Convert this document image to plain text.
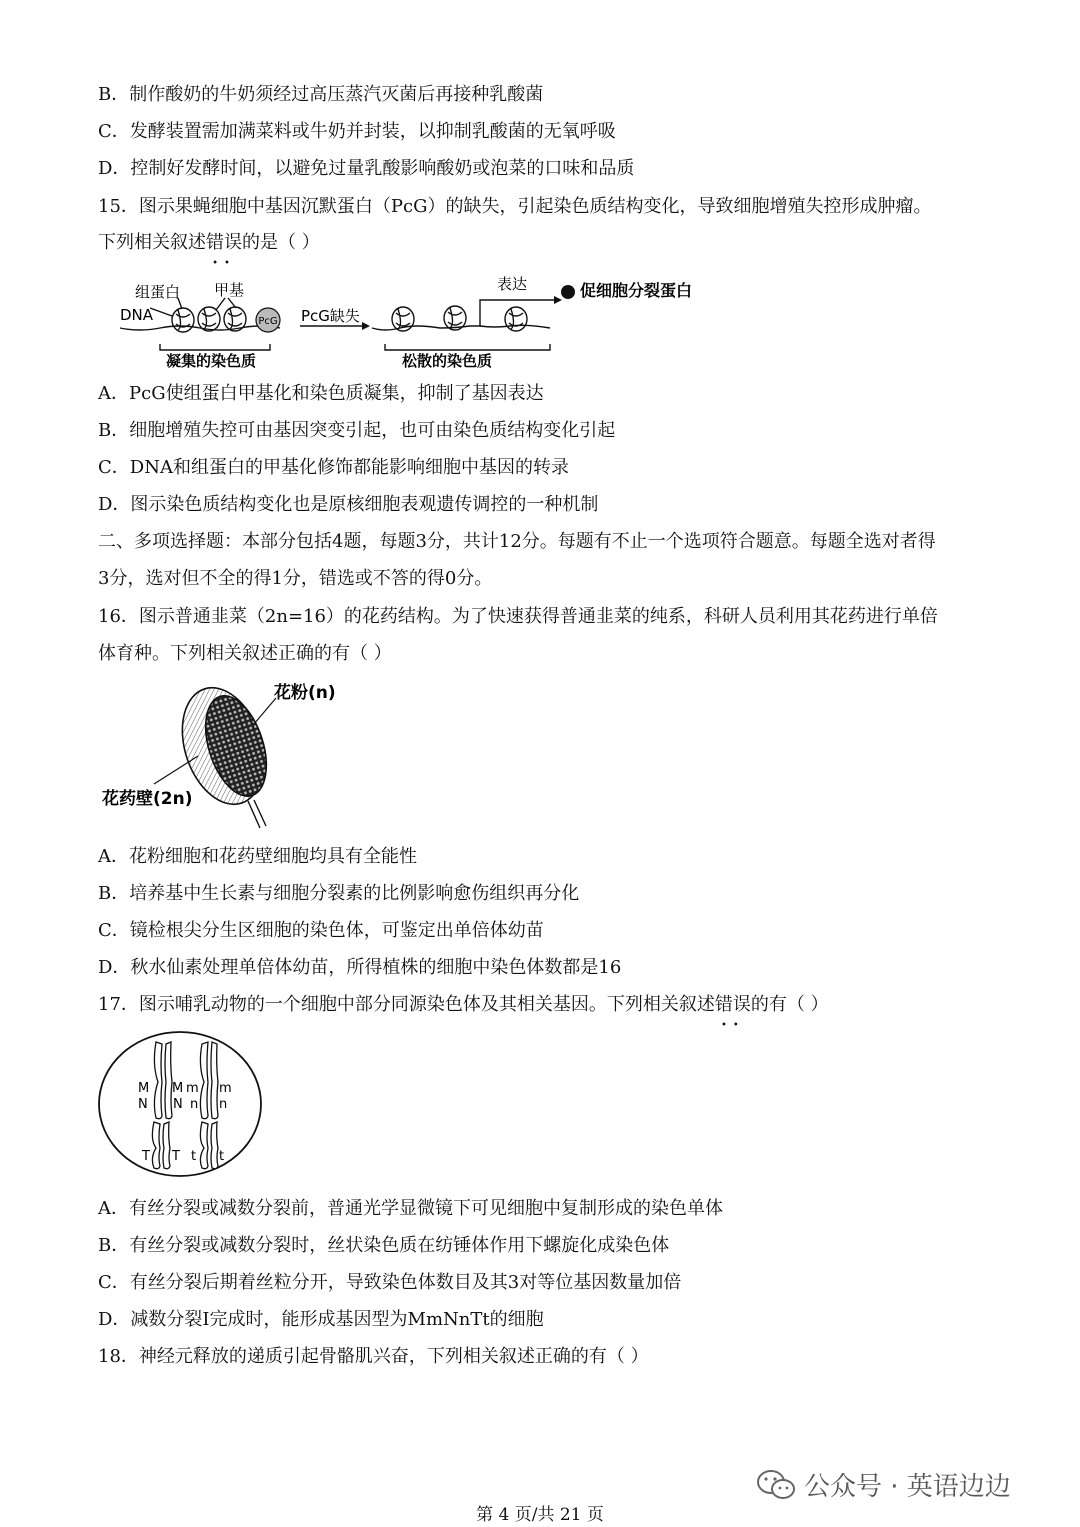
B．制作酸奶的牛奶须经过高压蒸汽灭菌后再接种乳酸菌
C．发酵装置需加满菜料或牛奶并封装，以抑制乳酸菌的无氧呼吸
D．控制好发酵时间，以避免过量乳酸影响酸奶或泡菜的口味和品质
15．图示果蝇细胞中基因沉默蛋白（PcG）的缺失，引起染色质结构变化，导致细胞增殖失控形成肿瘤。
下列相关叙述错误 ••的是（ ）
PcG
组蛋白 甲基
DNA	PcG缺失
表达	促细胞分裂蛋白
凝集的染色质	松散的染色质
A．PcG使组蛋白甲基化和染色质凝集，抑制了基因表达
B．细胞增殖失控可由基因突变引起，也可由染色质结构变化引起
C．DNA和组蛋白的甲基化修饰都能影响细胞中基因的转录
D．图示染色质结构变化也是原核细胞表观遗传调控的一种机制
二、多项选择题：本部分包括4题，每题3分，共计12分。每题有不止一个选项符合题意。每题全选对者得
3分，选对但不全的得1分，错选或不答的得0分。
16．图示普通韭菜（2n=16）的花药结构。为了快速获得普通韭菜的纯系，科研人员利用其花药进行单倍
体育种。下列相关叙述正确的有（ ）
花粉(n)
花药壁(2n)
A．花粉细胞和花药壁细胞均具有全能性
B．培养基中生长素与细胞分裂素的比例影响愈伤组织再分化
C．镜检根尖分生区细胞的染色体，可鉴定出单倍体幼苗
D．秋水仙素处理单倍体幼苗，所得植株的细胞中染色体数都是16
17．图示哺乳动物的一个细胞中部分同源染色体及其相关基因。下列相关叙述错误 ••的有（ ）
M M m m
N N n n
T T t t
A．有丝分裂或减数分裂前，普通光学显微镜下可见细胞中复制形成的染色单体
B．有丝分裂或减数分裂时，丝状染色质在纺锤体作用下螺旋化成染色体
C．有丝分裂后期着丝粒分开，导致染色体数目及其3对等位基因数量加倍
D．减数分裂I完成时，能形成基因型为MmNnTt的细胞
18．神经元释放的递质引起骨骼肌兴奋，下列相关叙述正确的有（ ）
公众号 · 英语边边
第 4 页/共 21 页
